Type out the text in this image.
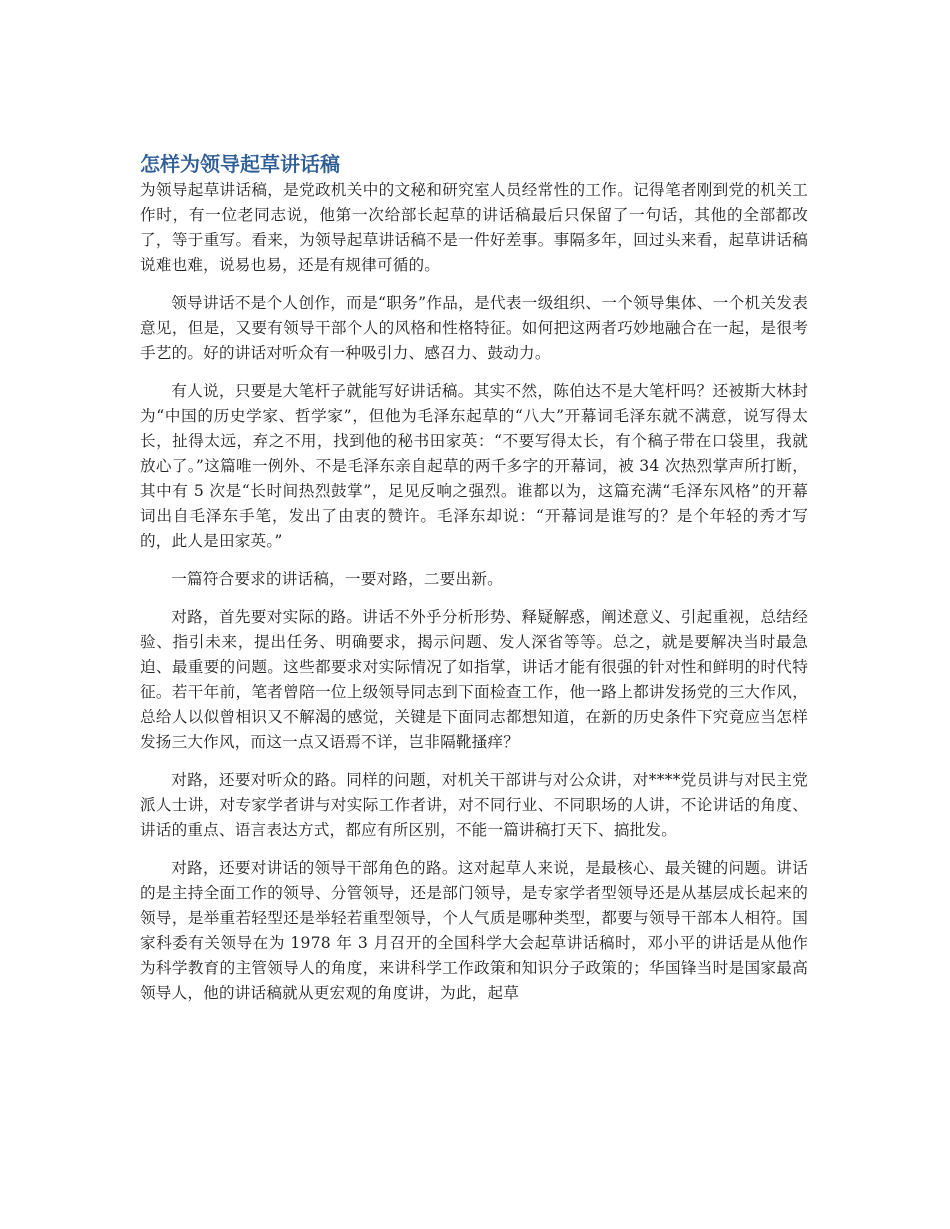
怎样为领导起草讲话稿

为领导起草讲话稿，是党政机关中的文秘和研究室人员经常性的工作。记得笔者刚到党的机关工作时，有一位老同志说，他第一次给部长起草的讲话稿最后只保留了一句话，其他的全部都改了，等于重写。看来，为领导起草讲话稿不是一件好差事。事隔多年，回过头来看，起草讲话稿说难也难，说易也易，还是有规律可循的。

领导讲话不是个人创作，而是“职务”作品，是代表一级组织、一个领导集体、一个机关发表意见，但是，又要有领导干部个人的风格和性格特征。如何把这两者巧妙地融合在一起，是很考手艺的。好的讲话对听众有一种吸引力、感召力、鼓动力。

有人说，只要是大笔杆子就能写好讲话稿。其实不然，陈伯达不是大笔杆吗？还被斯大林封为“中国的历史学家、哲学家”，但他为毛泽东起草的“八大”开幕词毛泽东就不满意，说写得太长，扯得太远，弃之不用，找到他的秘书田家英：“不要写得太长，有个稿子带在口袋里，我就放心了。”这篇唯一例外、不是毛泽东亲自起草的两千多字的开幕词，被 34 次热烈掌声所打断，其中有 5 次是“长时间热烈鼓掌”，足见反响之强烈。谁都以为，这篇充满“毛泽东风格”的开幕词出自毛泽东手笔，发出了由衷的赞许。毛泽东却说：“开幕词是谁写的？是个年轻的秀才写的，此人是田家英。”

一篇符合要求的讲话稿，一要对路，二要出新。

对路，首先要对实际的路。讲话不外乎分析形势、释疑解惑，阐述意义、引起重视，总结经验、指引未来，提出任务、明确要求，揭示问题、发人深省等等。总之，就是要解决当时最急迫、最重要的问题。这些都要求对实际情况了如指掌，讲话才能有很强的针对性和鲜明的时代特征。若干年前，笔者曾陪一位上级领导同志到下面检查工作，他一路上都讲发扬党的三大作风，总给人以似曾相识又不解渴的感觉，关键是下面同志都想知道，在新的历史条件下究竟应当怎样发扬三大作风，而这一点又语焉不详，岂非隔靴搔痒？

对路，还要对听众的路。同样的问题，对机关干部讲与对公众讲，对****党员讲与对民主党派人士讲，对专家学者讲与对实际工作者讲，对不同行业、不同职场的人讲，不论讲话的角度、讲话的重点、语言表达方式，都应有所区别，不能一篇讲稿打天下、搞批发。

对路，还要对讲话的领导干部角色的路。这对起草人来说，是最核心、最关键的问题。讲话的是主持全面工作的领导、分管领导，还是部门领导，是专家学者型领导还是从基层成长起来的领导，是举重若轻型还是举轻若重型领导，个人气质是哪种类型，都要与领导干部本人相符。国家科委有关领导在为 1978 年 3 月召开的全国科学大会起草讲话稿时，邓小平的讲话是从他作为科学教育的主管领导人的角度，来讲科学工作政策和知识分子政策的；华国锋当时是国家最高领导人，他的讲话稿就从更宏观的角度讲，为此，起草
